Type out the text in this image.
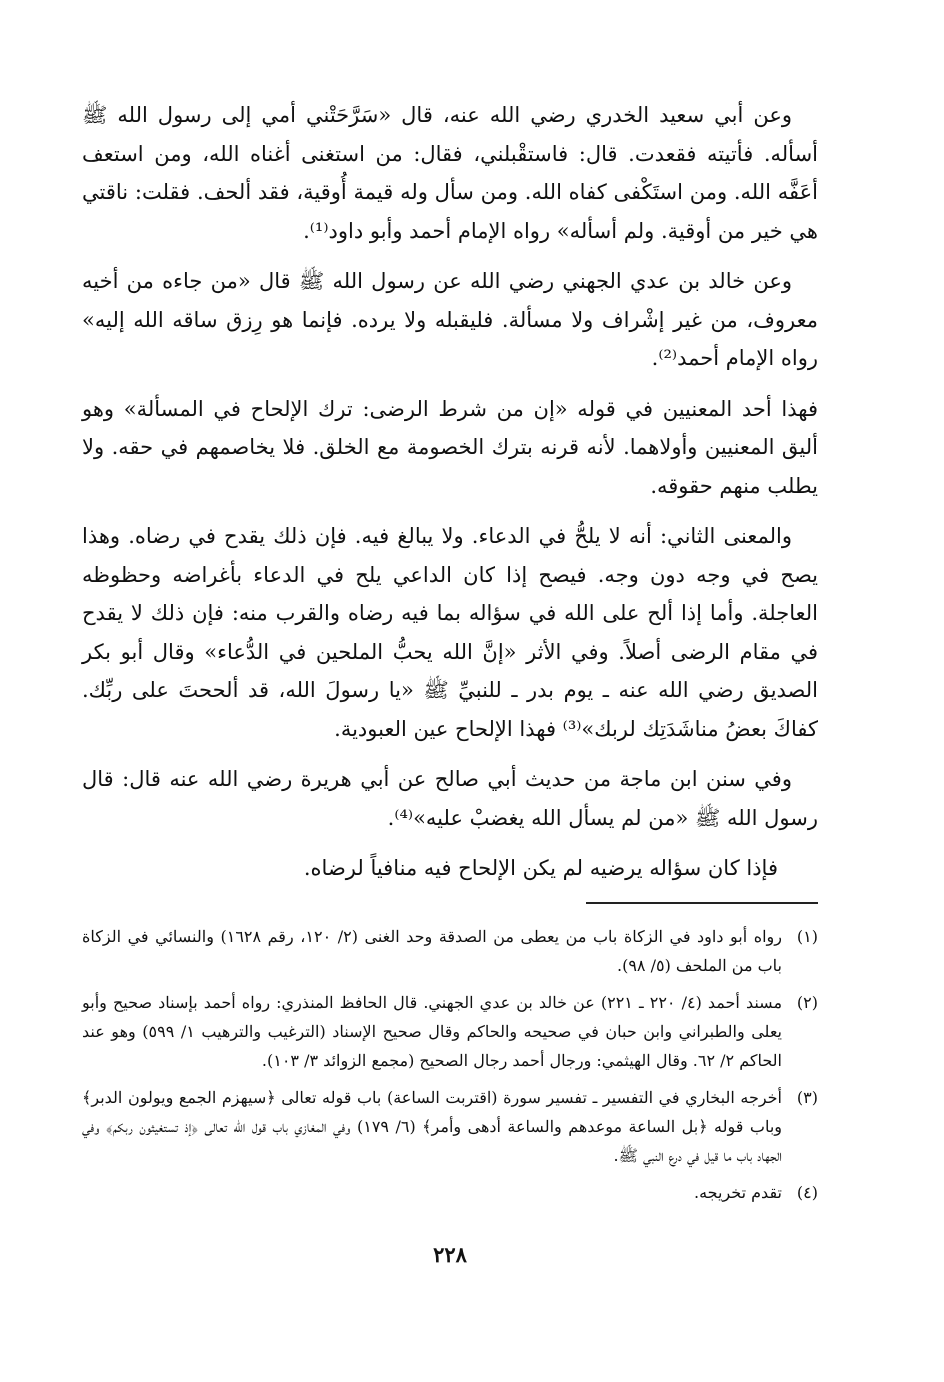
وعن أبي سعيد الخدري رضي الله عنه، قال «سَرَّحَتْني أمي إلى رسول الله ﷺ أسأله. فأتيته فقعدت. قال: فاستقْبلني، فقال: من استغنى أغناه الله، ومن استعف أعَفَّه الله. ومن استَكْفى كفاه الله. ومن سأل وله قيمة أُوقية، فقد ألحف. فقلت: ناقتي هي خير من أوقية. ولم أسأله» رواه الإمام أحمد وأبو داود⁽¹⁾.

وعن خالد بن عدي الجهني رضي الله عن رسول الله ﷺ قال «من جاءه من أخيه معروف، من غير إشْراف ولا مسألة. فليقبله ولا يرده. فإنما هو رِزق ساقه الله إليه» رواه الإمام أحمد⁽²⁾.

فهذا أحد المعنيين في قوله «إن من شرط الرضى: ترك الإلحاح في المسألة» وهو أليق المعنيين وأولاهما. لأنه قرنه بترك الخصومة مع الخلق. فلا يخاصمهم في حقه. ولا يطلب منهم حقوقه.

والمعنى الثاني: أنه لا يلحُّ في الدعاء. ولا يبالغ فيه. فإن ذلك يقدح في رضاه. وهذا يصح في وجه دون وجه. فيصح إذا كان الداعي يلح في الدعاء بأغراضه وحظوظه العاجلة. وأما إذا ألح على الله في سؤاله بما فيه رضاه والقرب منه: فإن ذلك لا يقدح في مقام الرضى أصلاً. وفي الأثر «إنَّ الله يحبُّ الملحين في الدُّعاء» وقال أبو بكر الصديق رضي الله عنه ـ يوم بدر ـ للنبيِّ ﷺ «يا رسولَ الله، قد ألححتَ على ربِّك. كفاكَ بعضُ مناشَدَتِك لربك»⁽³⁾ فهذا الإلحاح عين العبودية.

وفي سنن ابن ماجة من حديث أبي صالح عن أبي هريرة رضي الله عنه قال: قال رسول الله ﷺ «من لم يسأل الله يغضبْ عليه»⁽⁴⁾.

فإذا كان سؤاله يرضيه لم يكن الإلحاح فيه منافياً لرضاه.

(١)
رواه أبو داود في الزكاة باب من يعطى من الصدقة وحد الغنى (٢/ ١٢٠، رقم ١٦٢٨) والنسائي في الزكاة باب من الملحف (٥/ ٩٨).
(٢)
مسند أحمد (٤/ ٢٢٠ ـ ٢٢١) عن خالد بن عدي الجهني. قال الحافظ المنذري: رواه أحمد بإسناد صحيح وأبو يعلى والطبراني وابن حبان في صحيحه والحاكم وقال صحيح الإسناد (الترغيب والترهيب ١/ ٥٩٩) وهو عند الحاكم ٢/ ٦٢. وقال الهيثمي: ورجال أحمد رجال الصحيح (مجمع الزوائد ٣/ ١٠٣).
(٣)
أخرجه البخاري في التفسير ـ تفسير سورة (اقتربت الساعة) باب قوله تعالى ﴿سيهزم الجمع ويولون الدبر﴾ وباب قوله ﴿بل الساعة موعدهم والساعة أدهى وأمر﴾ (٦/ ١٧٩) وفي المغازي باب قول الله تعالى ﴿إذ تستغيثون ربكم﴾ وفي الجهاد باب ما قيل في درع النبي ﷺ.
(٤)
تقدم تخريجه.
٢٢٨
